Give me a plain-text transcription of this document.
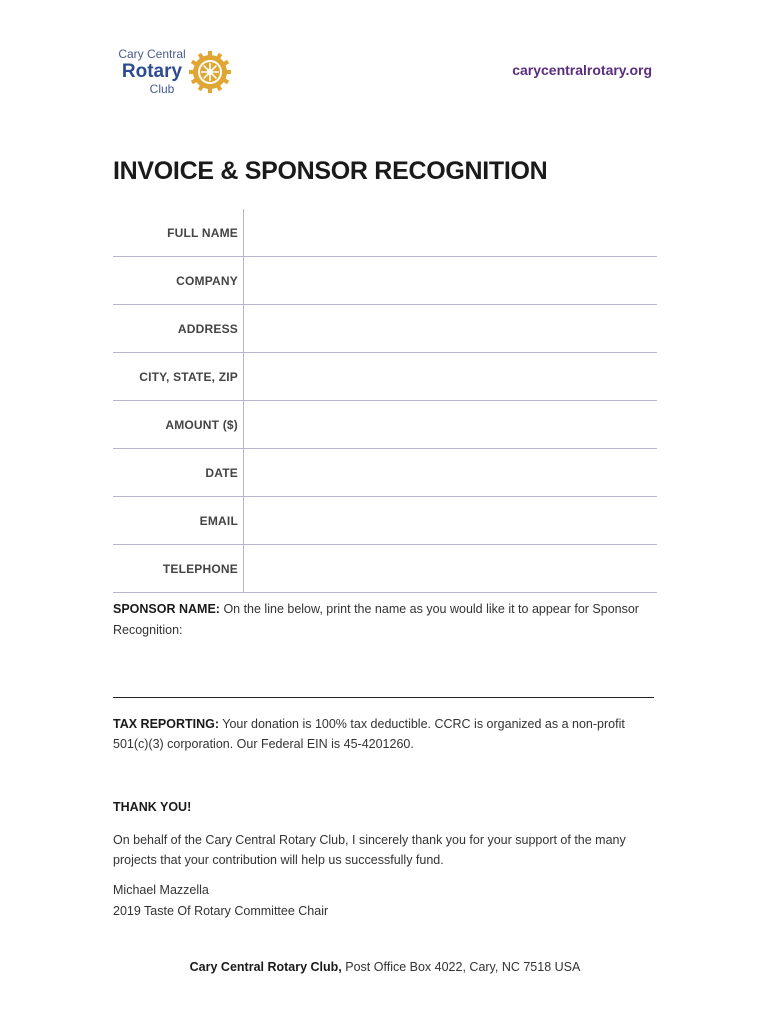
Cary Central
Rotary
Club
carycentralrotary.org
INVOICE & SPONSOR RECOGNITION
FULL NAME
COMPANY
ADDRESS
CITY, STATE, ZIP
AMOUNT ($)
DATE
EMAIL
TELEPHONE

SPONSOR NAME: On the line below, print the name as you would like it to appear for Sponsor Recognition:

TAX REPORTING: Your donation is 100% tax deductible. CCRC is organized as a non-profit 501(c)(3) corporation. Our Federal EIN is 45-4201260.

THANK YOU!

On behalf of the Cary Central Rotary Club, I sincerely thank you for your support of the many projects that your contribution will help us successfully fund.

Michael Mazzella

2019 Taste Of Rotary Committee Chair

Cary Central Rotary Club, Post Office Box 4022, Cary, NC 7518 USA
